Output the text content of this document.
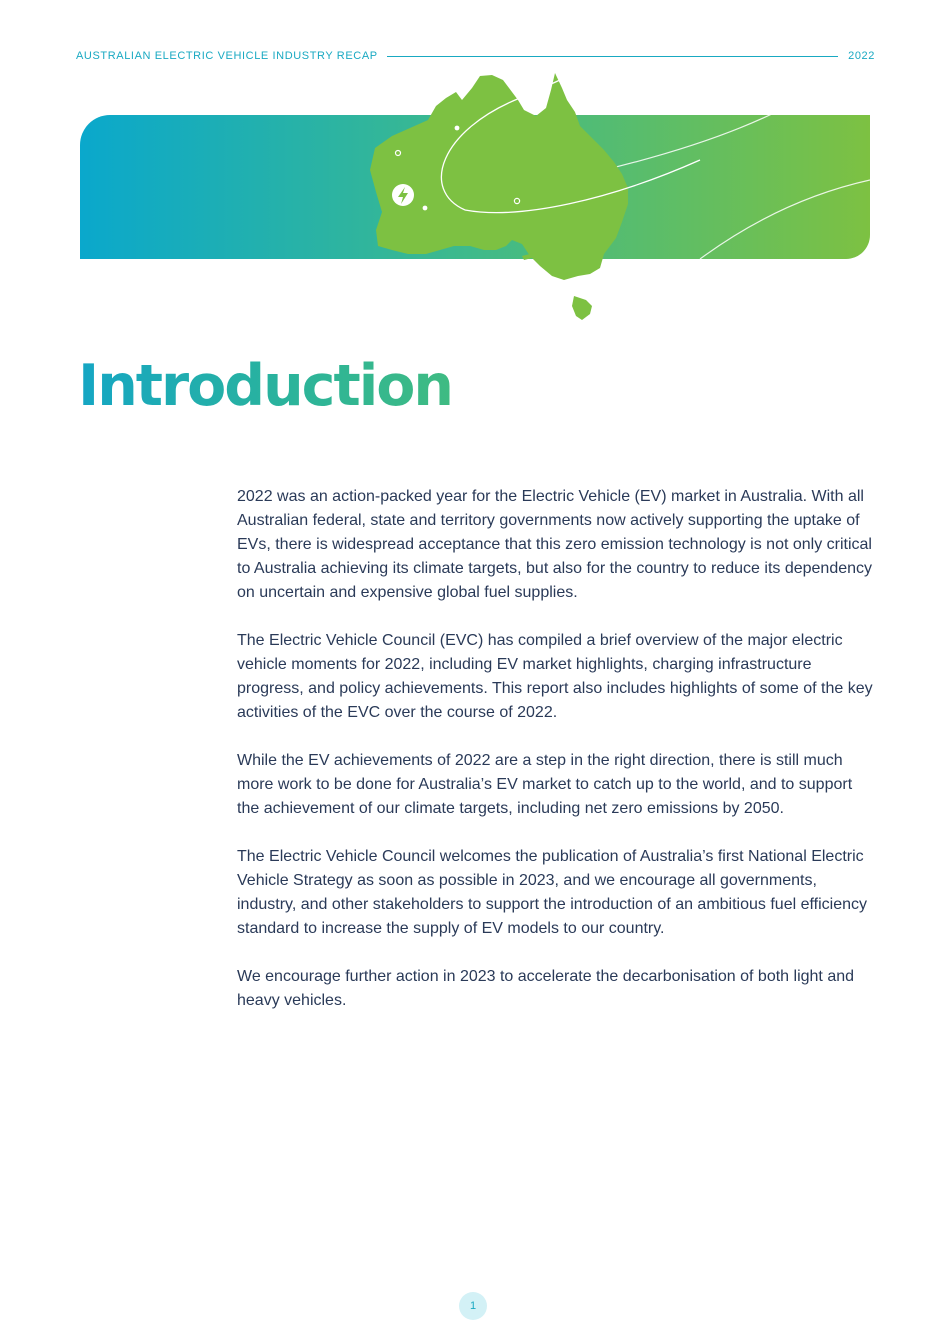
AUSTRALIAN ELECTRIC VEHICLE INDUSTRY RECAP	2022
Introduction

2022 was an action-packed year for the Electric Vehicle (EV) market in Australia. With all Australian federal, state and territory governments now actively supporting the uptake of EVs, there is widespread acceptance that this zero emission technology is not only critical to Australia achieving its climate targets, but also for the country to reduce its dependency on uncertain and expensive global fuel supplies.

The Electric Vehicle Council (EVC) has compiled a brief overview of the major electric vehicle moments for 2022, including EV market highlights, charging infrastructure progress, and policy achievements. This report also includes highlights of some of the key activities of the EVC over the course of 2022.

While the EV achievements of 2022 are a step in the right direction, there is still much more work to be done for Australia’s EV market to catch up to the world, and to support the achievement of our climate targets, including net zero emissions by 2050.

The Electric Vehicle Council welcomes the publication of Australia’s first National Electric Vehicle Strategy as soon as possible in 2023, and we encourage all governments, industry, and other stakeholders to support the introduction of an ambitious fuel efficiency standard to increase the supply of EV models to our country.

We encourage further action in 2023 to accelerate the decarbonisation of both light and heavy vehicles.

1
